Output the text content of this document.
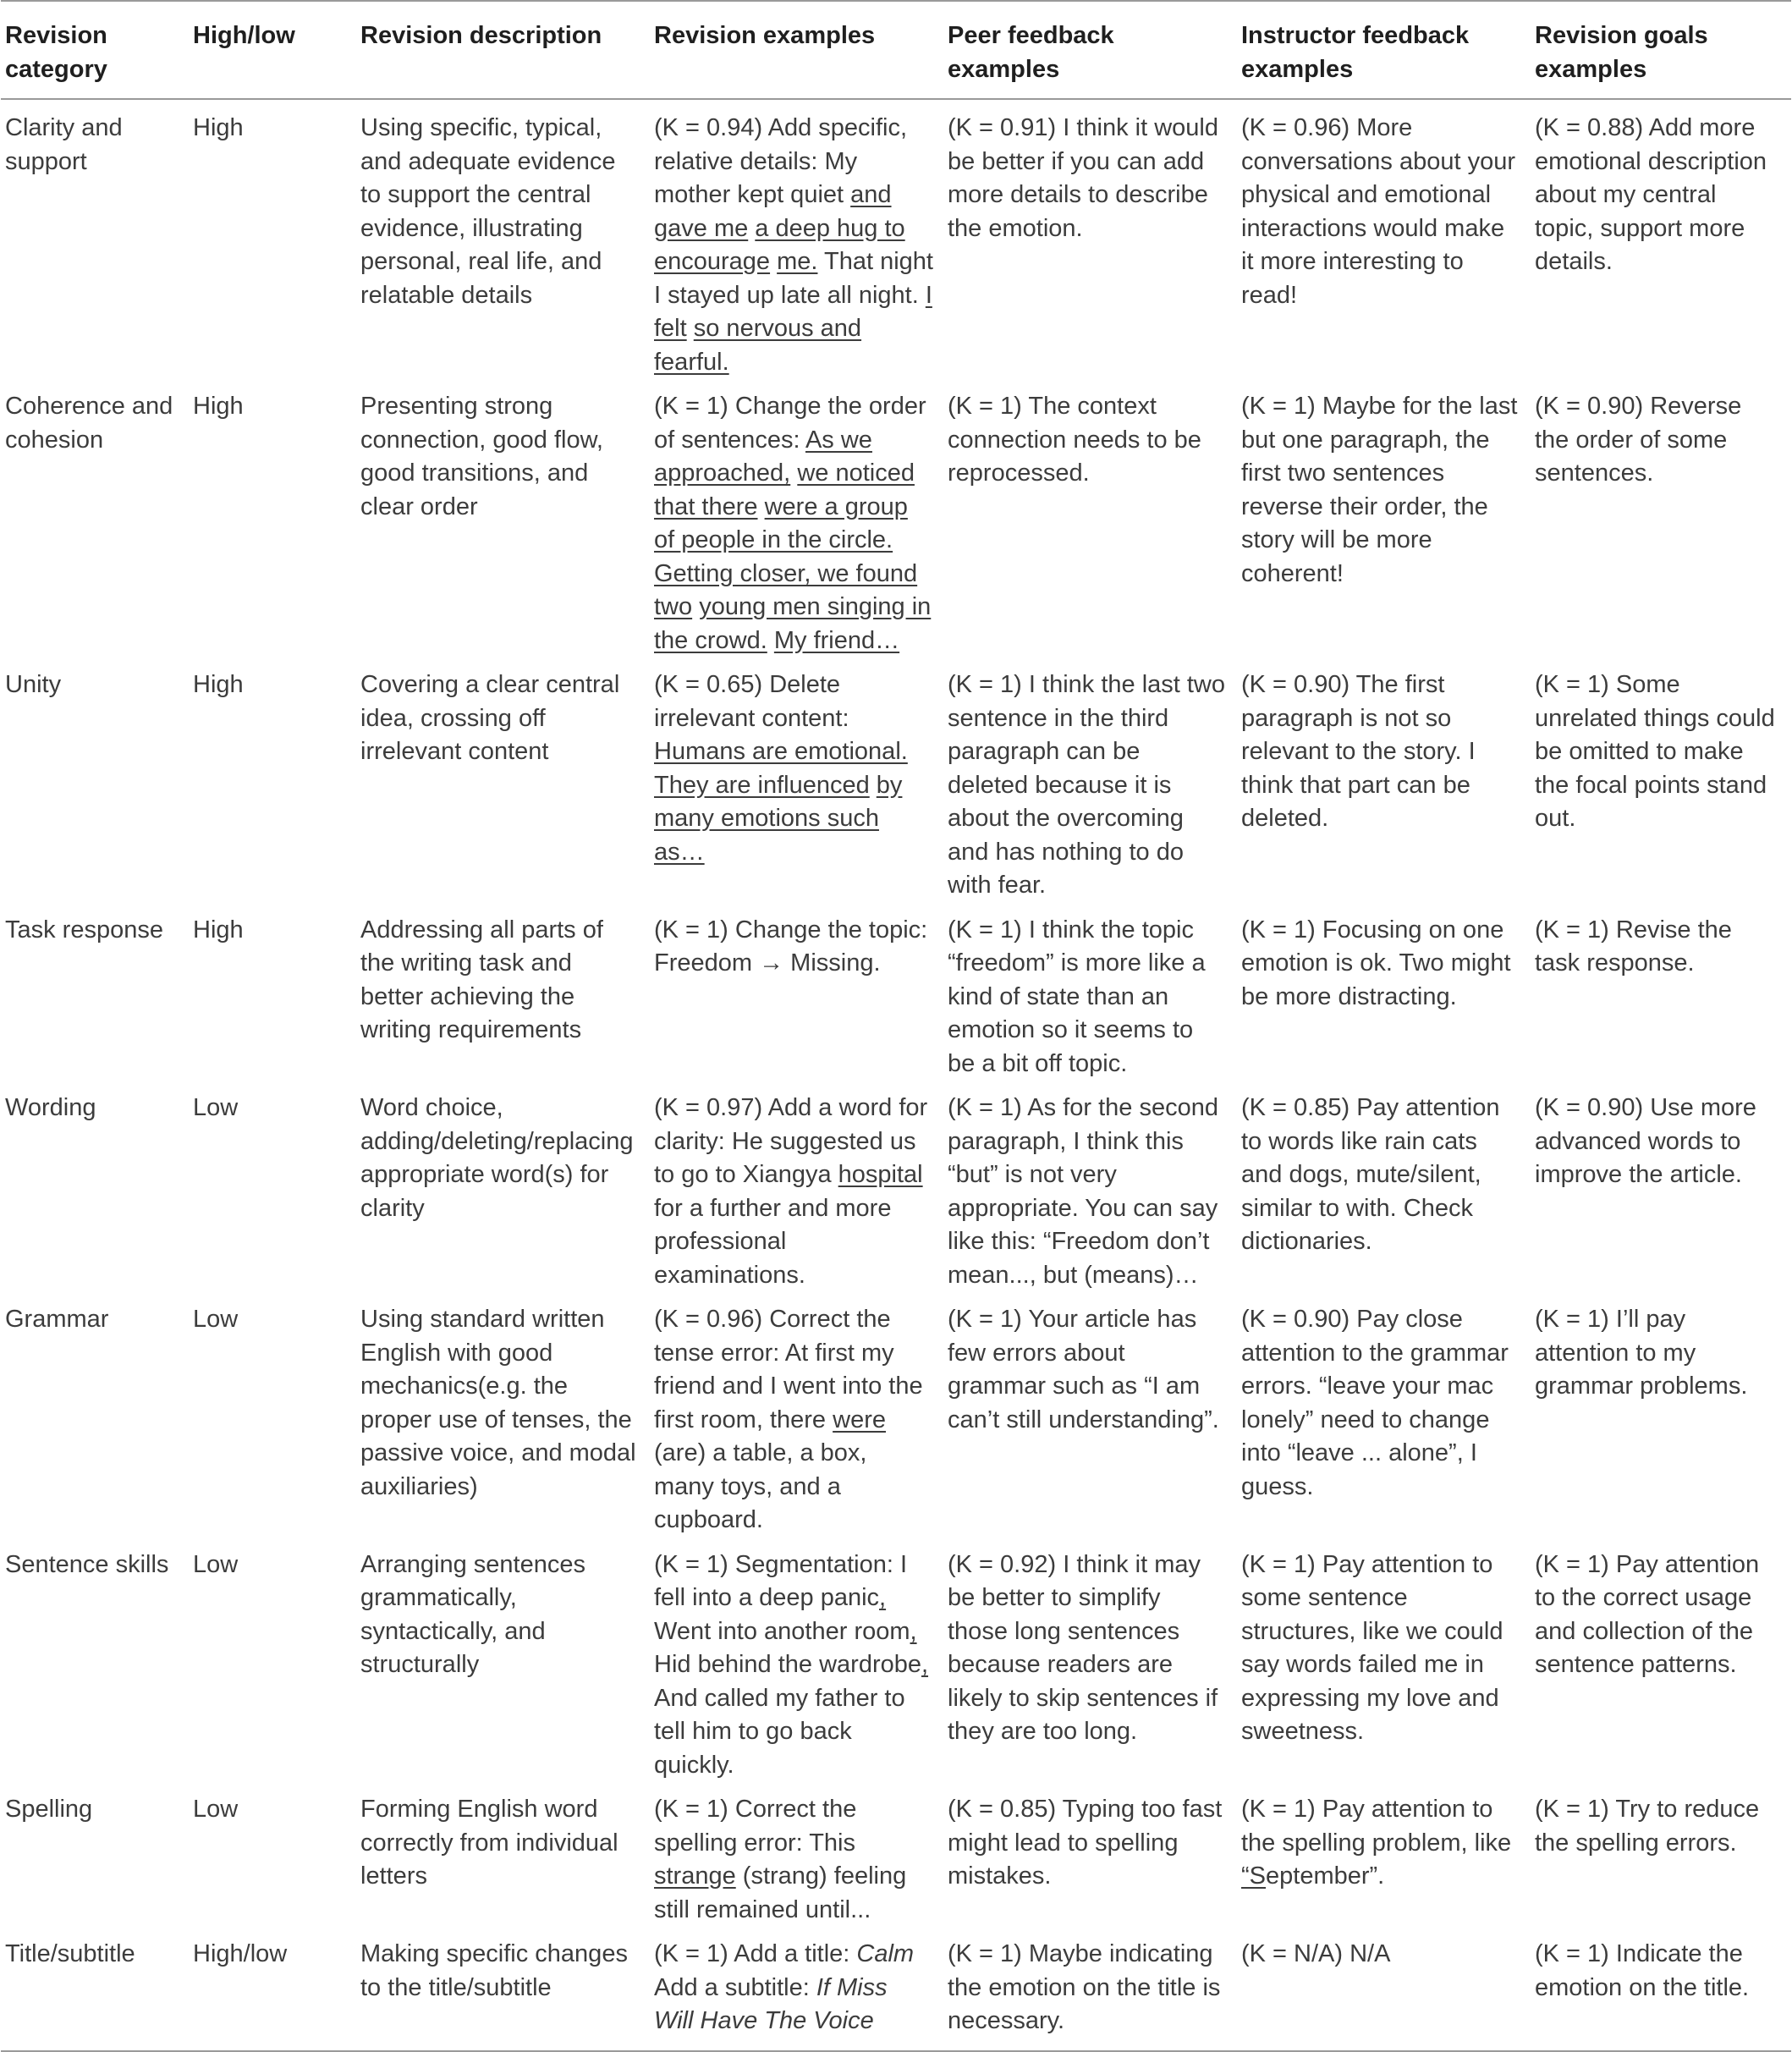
Revision category	High/low	Revision description	Revision examples	Peer feedback examples	Instructor feedback examples	Revision goals examples
Clarity and support	High	Using specific, typical, and adequate evidence to support the central evidence, illustrating personal, real life, and relatable details	(K = 0.94) Add specific, relative details: My mother kept quiet and gave me a deep hug to encourage me. That night I stayed up late all night. I felt so nervous and fearful.	(K = 0.91) I think it would be better if you can add more details to describe the emotion.	(K = 0.96) More conversations about your physical and emotional interactions would make it more interesting to read!	(K = 0.88) Add more emotional description about my central topic, support more details.
Coherence and cohesion	High	Presenting strong connection, good flow, good transitions, and clear order	(K = 1) Change the order of sentences: As we approached, we noticed that there were a group of people in the circle. Getting closer, we found two young men singing in the crowd. My friend…	(K = 1) The context connection needs to be reprocessed.	(K = 1) Maybe for the last but one paragraph, the first two sentences reverse their order, the story will be more coherent!	(K = 0.90) Reverse the order of some sentences.
Unity	High	Covering a clear central idea, crossing off irrelevant content	(K = 0.65) Delete irrelevant content: Humans are emotional. They are influenced by many emotions such as…	(K = 1) I think the last two sentence in the third paragraph can be deleted because it is about the overcoming and has nothing to do with fear.	(K = 0.90) The first paragraph is not so relevant to the story. I think that part can be deleted.	(K = 1) Some unrelated things could be omitted to make the focal points stand out.
Task response	High	Addressing all parts of the writing task and better achieving the writing requirements	(K = 1) Change the topic: Freedom → Missing.	(K = 1) I think the topic “freedom” is more like a kind of state than an emotion so it seems to be a bit off topic.	(K = 1) Focusing on one emotion is ok. Two might be more distracting.	(K = 1) Revise the task response.
Wording	Low	Word choice, adding/deleting/replacing appropriate word(s) for clarity	(K = 0.97) Add a word for clarity: He suggested us to go to Xiangya hospital for a further and more professional examinations.	(K = 1) As for the second paragraph, I think this “but” is not very appropriate. You can say like this: “Freedom don’t mean..., but (means)…	(K = 0.85) Pay attention to words like rain cats and dogs, mute/silent, similar to with. Check dictionaries.	(K = 0.90) Use more advanced words to improve the article.
Grammar	Low	Using standard written English with good mechanics(e.g. the proper use of tenses, the passive voice, and modal auxiliaries)	(K = 0.96) Correct the tense error: At first my friend and I went into the first room, there were (are) a table, a box, many toys, and a cupboard.	(K = 1) Your article has few errors about grammar such as “I am can’t still understanding”.	(K = 0.90) Pay close attention to the grammar errors. “leave your mac lonely” need to change into “leave ... alone”, I guess.	(K = 1) I’ll pay attention to my grammar problems.
Sentence skills	Low	Arranging sentences grammatically, syntactically, and structurally	(K = 1) Segmentation: I fell into a deep panic, Went into another room, Hid behind the wardrobe, And called my father to tell him to go back quickly.	(K = 0.92) I think it may be better to simplify those long sentences because readers are likely to skip sentences if they are too long.	(K = 1) Pay attention to some sentence structures, like we could say words failed me in expressing my love and sweetness.	(K = 1) Pay attention to the correct usage and collection of the sentence patterns.
Spelling	Low	Forming English word correctly from individual letters	(K = 1) Correct the spelling error: This strange (strang) feeling still remained until...	(K = 0.85) Typing too fast might lead to spelling mistakes.	(K = 1) Pay attention to the spelling problem, like “September”.	(K = 1) Try to reduce the spelling errors.
Title/subtitle	High/low	Making specific changes to the title/subtitle	(K = 1) Add a title: Calm Add a subtitle: If Miss Will Have The Voice	(K = 1) Maybe indicating the emotion on the title is necessary.	(K = N/A) N/A	(K = 1) Indicate the emotion on the title.
